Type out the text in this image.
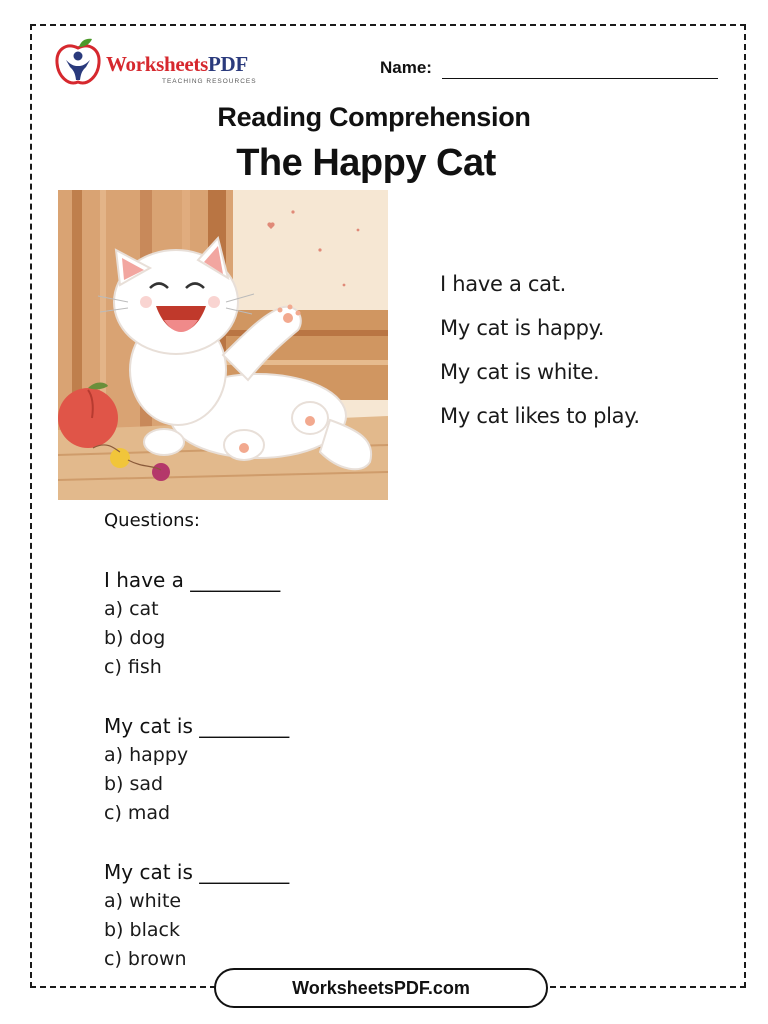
WorksheetsPDF
TEACHING RESOURCES
Name:
Reading Comprehension
The Happy Cat
I have a cat.
My cat is happy.
My cat is white.
My cat likes to play.
Questions:
I have a _________
a) cat
b) dog
c) fish
My cat is _________
a) happy
b) sad
c) mad
My cat is _________
a) white
b) black
c) brown
WorksheetsPDF.com
